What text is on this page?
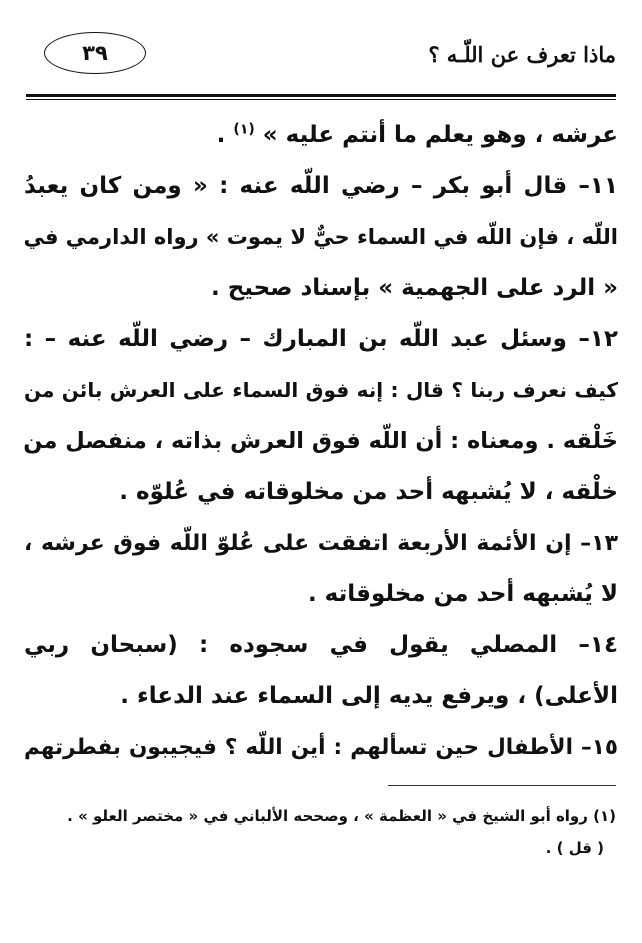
ماذا تعرف عن اللّـه ؟
٣٩
عرشه ، وهو يعلم ما أنتم عليه » $^{(١)}$ .
١١– قال أبو بكر – رضي اللّه عنه : « ومن كان يعبدُ
اللّه ، فإن اللّه في السماء حيٌّ لا يموت » رواه الدارمي في
« الرد على الجهمية » بإسناد صحيح .
١٢– وسئل عبد اللّه بن المبارك – رضي اللّه عنه – :
كيف نعرف ربنا ؟ قال : إنه فوق السماء على العرش بائن من
خَلْقه . ومعناه : أن اللّه فوق العرش بذاته ، منفصل من
خلْقه ، لا يُشبهه أحد من مخلوقاته في عُلوّه .
١٣– إن الأئمة الأربعة اتفقت على عُلوّ اللّه فوق عرشه ،
لا يُشبهه أحد من مخلوقاته .
١٤– المصلي يقول في سجوده : (سبحان ربي
الأعلى) ، ويرفع يديه إلى السماء عند الدعاء .
١٥– الأطفال حين تسألهم : أين اللّه ؟ فيجيبون بفطرتهم
(١) رواه أبو الشيخ في « العظمة » ، وصححه الألباني في « مختصر العلو » .
( قل ) .
